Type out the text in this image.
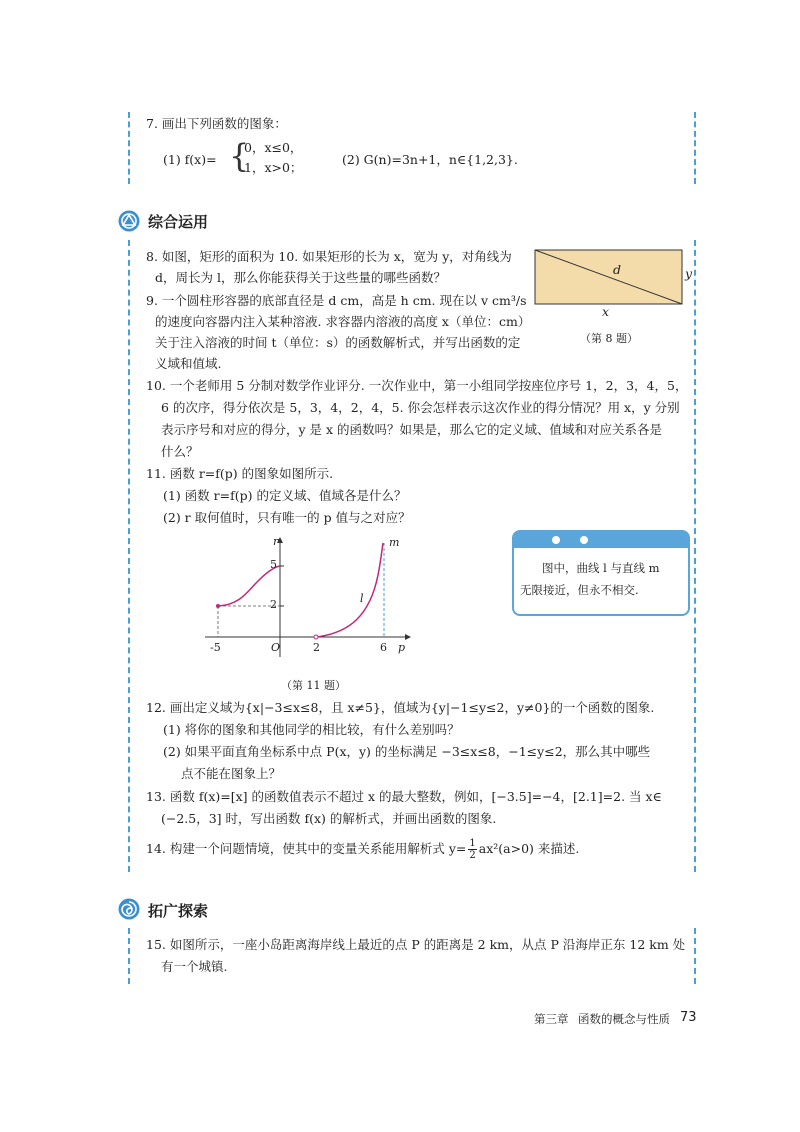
7. 画出下列函数的图象：
(1) f(x)= {
0，x≤0，
1，x>0；
(2) G(n)=3n+1，n∈{1,2,3}.
综合运用
8. 如图，矩形的面积为 10. 如果矩形的长为 x，宽为 y，对角线为
d，周长为 l，那么你能获得关于这些量的哪些函数？
d	y
x
（第 8 题）
9. 一个圆柱形容器的底部直径是 d cm，高是 h cm. 现在以 v cm³/s
的速度向容器内注入某种溶液. 求容器内溶液的高度 x（单位：cm）
关于注入溶液的时间 t（单位：s）的函数解析式，并写出函数的定
义域和值域.
10. 一个老师用 5 分制对数学作业评分. 一次作业中，第一小组同学按座位序号 1，2，3，4，5，
6 的次序，得分依次是 5，3，4，2，4，5. 你会怎样表示这次作业的得分情况？用 x，y 分别
表示序号和对应的得分，y 是 x 的函数吗？如果是，那么它的定义域、值域和对应关系各是
什么？
11. 函数 r=f(p) 的图象如图所示.
(1) 函数 r=f(p) 的定义域、值域各是什么？
(2) r 取何值时，只有唯一的 p 值与之对应？
r	m
l
5
2
-5	O	2	6 p
（第 11 题）
图中，曲线 l 与直线 m
无限接近，但永不相交.
12. 画出定义域为{x|−3≤x≤8，且 x≠5}，值域为{y|−1≤y≤2，y≠0}的一个函数的图象.
(1) 将你的图象和其他同学的相比较，有什么差别吗？
(2) 如果平面直角坐标系中点 P(x，y) 的坐标满足 −3≤x≤8，−1≤y≤2，那么其中哪些
点不能在图象上？
13. 函数 f(x)=[x] 的函数值表示不超过 x 的最大整数，例如，[−3.5]=−4，[2.1]=2. 当 x∈
(−2.5，3] 时，写出函数 f(x) 的解析式，并画出函数的图象.
14. 构建一个问题情境，使其中的变量关系能用解析式 $y= \frac{1}{2} ax^2(a>0)$ 来描述.
拓广探索
15. 如图所示，一座小岛距离海岸线上最近的点 P 的距离是 2 km，从点 P 沿海岸正东 12 km 处
有一个城镇.
第三章 函数的概念与性质 73
